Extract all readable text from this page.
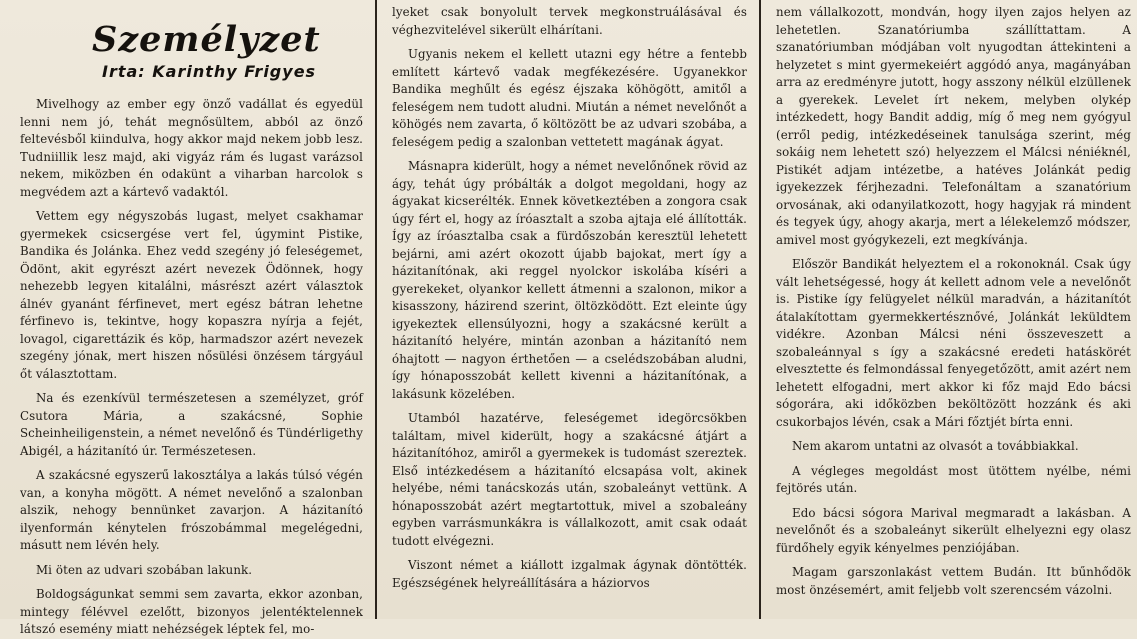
Személyzet
Irta: Karinthy Frigyes

Mivelhogy az ember egy önző vadállat és egyedül lenni nem jó, tehát megnősültem, abból az önző feltevésből kiindulva, hogy akkor majd nekem jobb lesz. Tudniillik lesz majd, aki vigyáz rám és lugast varázsol nekem, miközben én odakünt a viharban harcolok s megvédem azt a kártevő vadaktól.

Vettem egy négyszobás lugast, melyet csakhamar gyermekek csicsergése vert fel, úgymint Pistike, Bandika és Jolánka. Ehez vedd szegény jó feleségemet, Ödönt, akit egyrészt azért nevezek Ödönnek, hogy nehezebb legyen kitalálni, másrészt azért választok álnév gyanánt férfinevet, mert egész bátran lehetne férfinevo is, tekintve, hogy kopaszra nyírja a fejét, lovagol, cigarettázik és köp, harmadszor azért nevezek szegény jónak, mert hiszen nősülési önzésem tárgyául őt választottam.

Na és ezenkívül természetesen a személyzet, gróf Csutora Mária, a szakácsné, Sophie Scheinheiligenstein, a német nevelőnő és Tündérligethy Abigél, a házitanító úr. Természetesen.

A szakácsné egyszerű lakosztálya a lakás túlsó végén van, a konyha mögött. A német nevelőnő a szalonban alszik, nehogy bennünket zavarjon. A házitanító ilyenformán kénytelen frószobámmal megelégedni, másutt nem lévén hely.

Mi öten az udvari szobában lakunk.

Boldogságunkat semmi sem zavarta, ekkor azonban, mintegy félévvel ezelőtt, bizonyos jelentéktelennek látszó esemény miatt nehézségek léptek fel, mo-

lyeket csak bonyolult tervek megkonstruálásával és véghezvitelével sikerült elhárítani.

Ugyanis nekem el kellett utazni egy hétre a fentebb említett kártevő vadak megfékezésére. Ugyanekkor Bandika meghűlt és egész éjszaka köhögött, amitől a feleségem nem tudott aludni. Miután a német nevelőnőt a köhögés nem zavarta, ő költözött be az udvari szobába, a feleségem pedig a szalonban vettetett magának ágyat.

Másnapra kiderült, hogy a német nevelőnőnek rövid az ágy, tehát úgy próbálták a dolgot megoldani, hogy az ágyakat kicserélték. Ennek következtében a zongora csak úgy fért el, hogy az íróasztalt a szoba ajtaja elé állították. Így az íróasztalba csak a fürdőszobán keresztül lehetett bejárni, ami azért okozott újabb bajokat, mert így a házitanítónak, aki reggel nyolckor iskolába kíséri a gyerekeket, olyankor kellett átmenni a szalonon, mikor a kisasszony, házirend szerint, öltözködött. Ezt eleinte úgy igyekeztek ellensúlyozni, hogy a szakácsné került a házitanító helyére, mintán azonban a házitanító nem óhajtott — nagyon érthetően — a cselédszobában aludni, így hónaposszobát kellett kivenni a házitanítónak, a lakásunk közelében.

Utamból hazatérve, feleségemet idegörcsökben találtam, mivel kiderült, hogy a szakácsné átjárt a házitanítóhoz, amiről a gyermekek is tudomást szereztek. Első intézkedésem a házitanító elcsapása volt, akinek helyébe, némi tanácskozás után, szobaleányt vettünk. A hónaposszobát azért megtartottuk, mivel a szobaleány egyben varrásmunkákra is vállalkozott, amit csak odaát tudott elvégezni.

Viszont német a kiállott izgalmak ágynak döntötték. Egészségének helyreállítására a háziorvos

nem vállalkozott, mondván, hogy ilyen zajos helyen az lehetetlen. Szanatóriumba szállíttattam. A szanatóriumban módjában volt nyugodtan áttekinteni a helyzetet s mint gyermekeiért aggódó anya, magányában arra az eredményre jutott, hogy asszony nélkül elzüllenek a gyerekek. Levelet írt nekem, melyben olykép intézkedett, hogy Bandit addig, míg ő meg nem gyógyul (erről pedig, intézkedéseinek tanulsága szerint, még sokáig nem lehetett szó) helyezzem el Málcsi néniéknél, Pistikét adjam intézetbe, a hatéves Jolánkát pedig igyekezzek férjhezadni. Telefonáltam a szanatórium orvosának, aki odanyilatkozott, hogy hagyjak rá mindent és tegyek úgy, ahogy akarja, mert a lélekelemző módszer, amivel most gyógykezeli, ezt megkívánja.

Először Bandikát helyeztem el a rokonoknál. Csak úgy vált lehetségessé, hogy át kellett adnom vele a nevelőnőt is. Pistike így felügyelet nélkül maradván, a házitanítót átalakítottam gyermekkertésznővé, Jolánkát leküldtem vidékre. Azonban Málcsi néni összeveszett a szobaleánnyal s így a szakácsné eredeti hatáskörét elvesztette és felmondással fenyegetőzött, amit azért nem lehetett elfogadni, mert akkor ki főz majd Edo bácsi sógorára, aki időközben beköltözött hozzánk és aki csukorbajos lévén, csak a Mári főztjét bírta enni.

Nem akarom untatni az olvasót a továbbiakkal.

A végleges megoldást most ütöttem nyélbe, némi fejtörés után.

Edo bácsi sógora Marival megmaradt a lakásban. A nevelőnőt és a szobaleányt sikerült elhelyezni egy olasz fürdőhely egyik kényelmes penziójában.

Magam garszonlakást vettem Budán. Itt bűnhődök most önzésemért, amit feljebb volt szerencsém vázolni.
